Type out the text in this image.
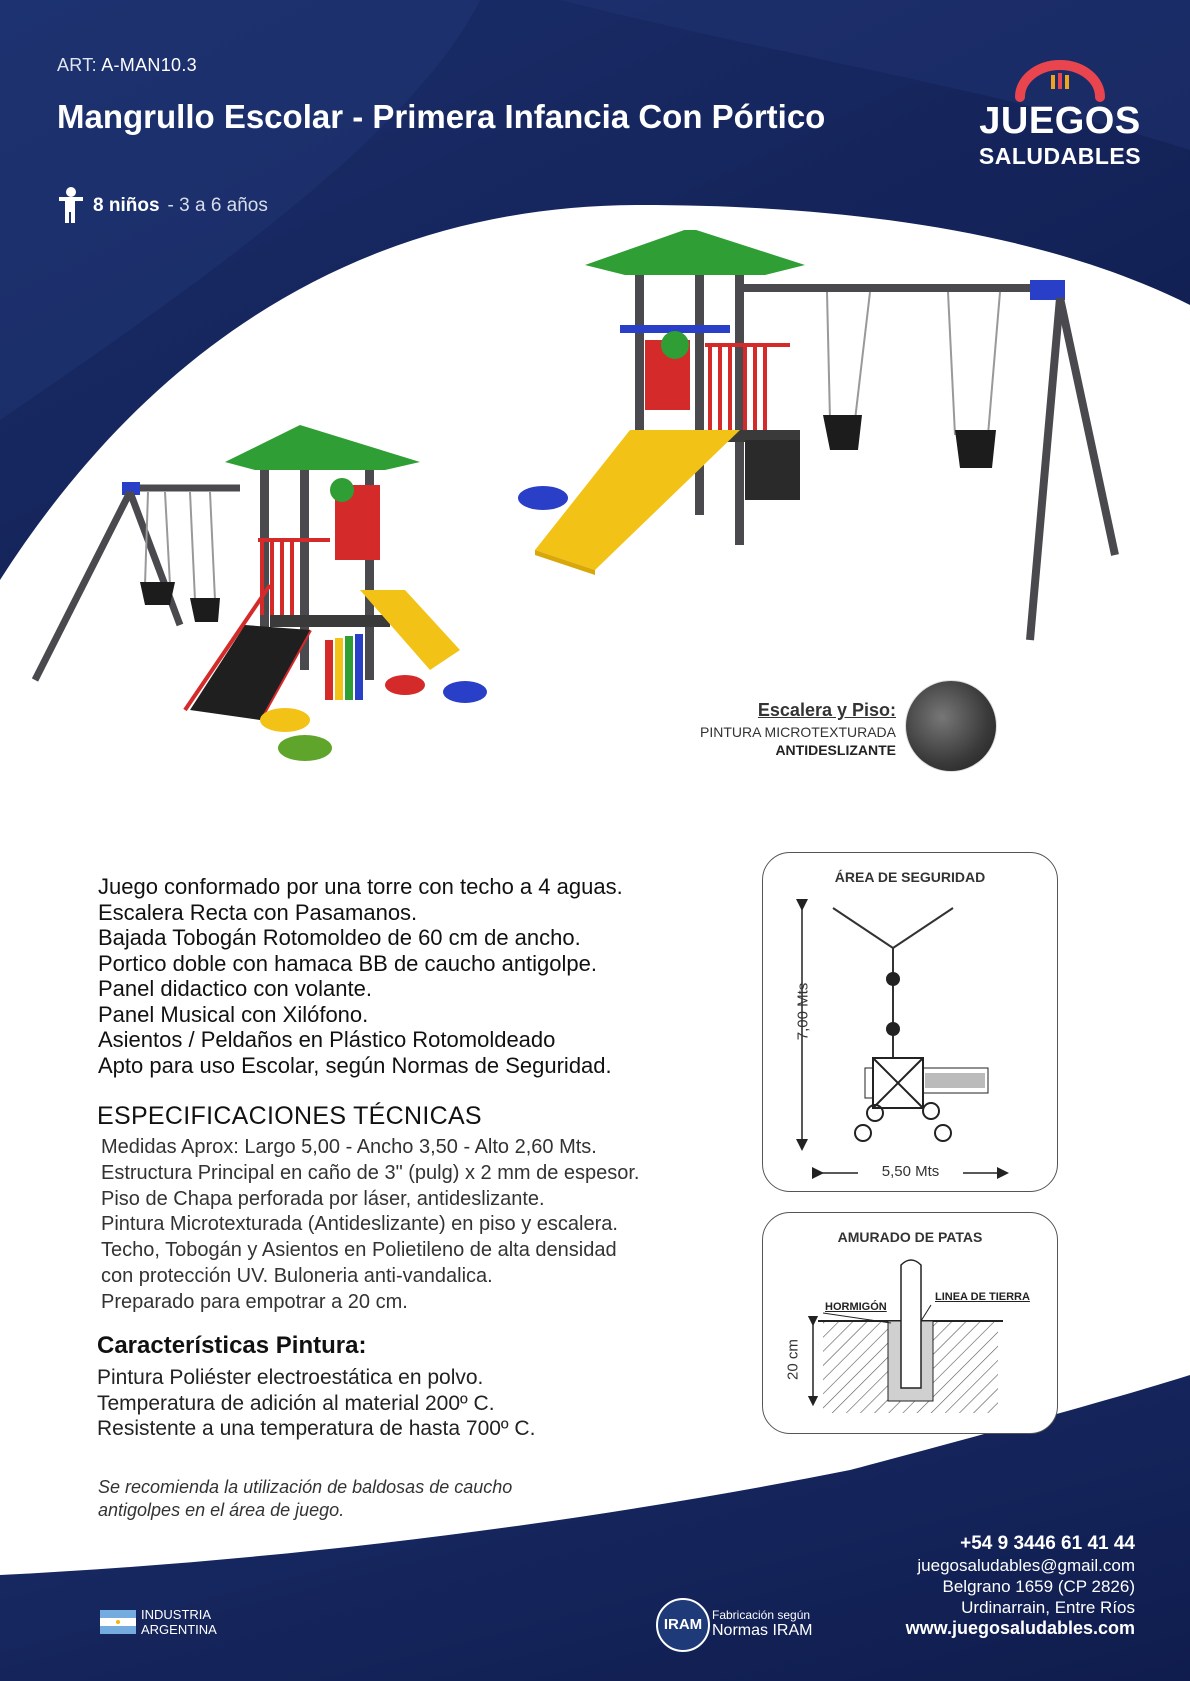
ART: A-MAN10.3
Mangrullo Escolar - Primera Infancia Con Pórtico
8 niños - 3 a 6 años
JUEGOS
SALUDABLES
Escalera y Piso:
PINTURA MICROTEXTURADA
ANTIDESLIZANTE
Juego conformado por una torre con techo a 4 aguas.
Escalera Recta con Pasamanos.
Bajada Tobogán Rotomoldeo de 60 cm de ancho.
Portico doble con hamaca BB de caucho antigolpe.
Panel didactico con volante.
Panel Musical con Xilófono.
Asientos / Peldaños en Plástico Rotomoldeado
Apto para uso Escolar, según Normas de Seguridad.
ESPECIFICACIONES TÉCNICAS
Medidas Aprox: Largo 5,00 - Ancho 3,50 - Alto 2,60 Mts.
Estructura Principal en caño de 3" (pulg) x 2 mm de espesor.
Piso de Chapa perforada por láser, antideslizante.
Pintura Microtexturada (Antideslizante) en piso y escalera.
Techo, Tobogán y Asientos en Polietileno de alta densidad
con protección UV. Buloneria anti-vandalica.
Preparado para empotrar a 20 cm.
Características Pintura:
Pintura Poliéster electroestática en polvo.
Temperatura de adición al material 200º C.
Resistente a una temperatura de hasta 700º C.
Se recomienda la utilización de baldosas de caucho
antigolpes en el área de juego.
ÁREA DE SEGURIDAD
7,00 Mts
5,50 Mts
AMURADO DE PATAS
HORMIGÓN
LINEA DE TIERRA
20 cm
+54 9 3446 61 41 44
juegosaludables@gmail.com
Belgrano 1659 (CP 2826)
Urdinarrain, Entre Ríos
www.juegosaludables.com
INDUSTRIA
ARGENTINA	IRAM
Fabricación según
Normas IRAM
